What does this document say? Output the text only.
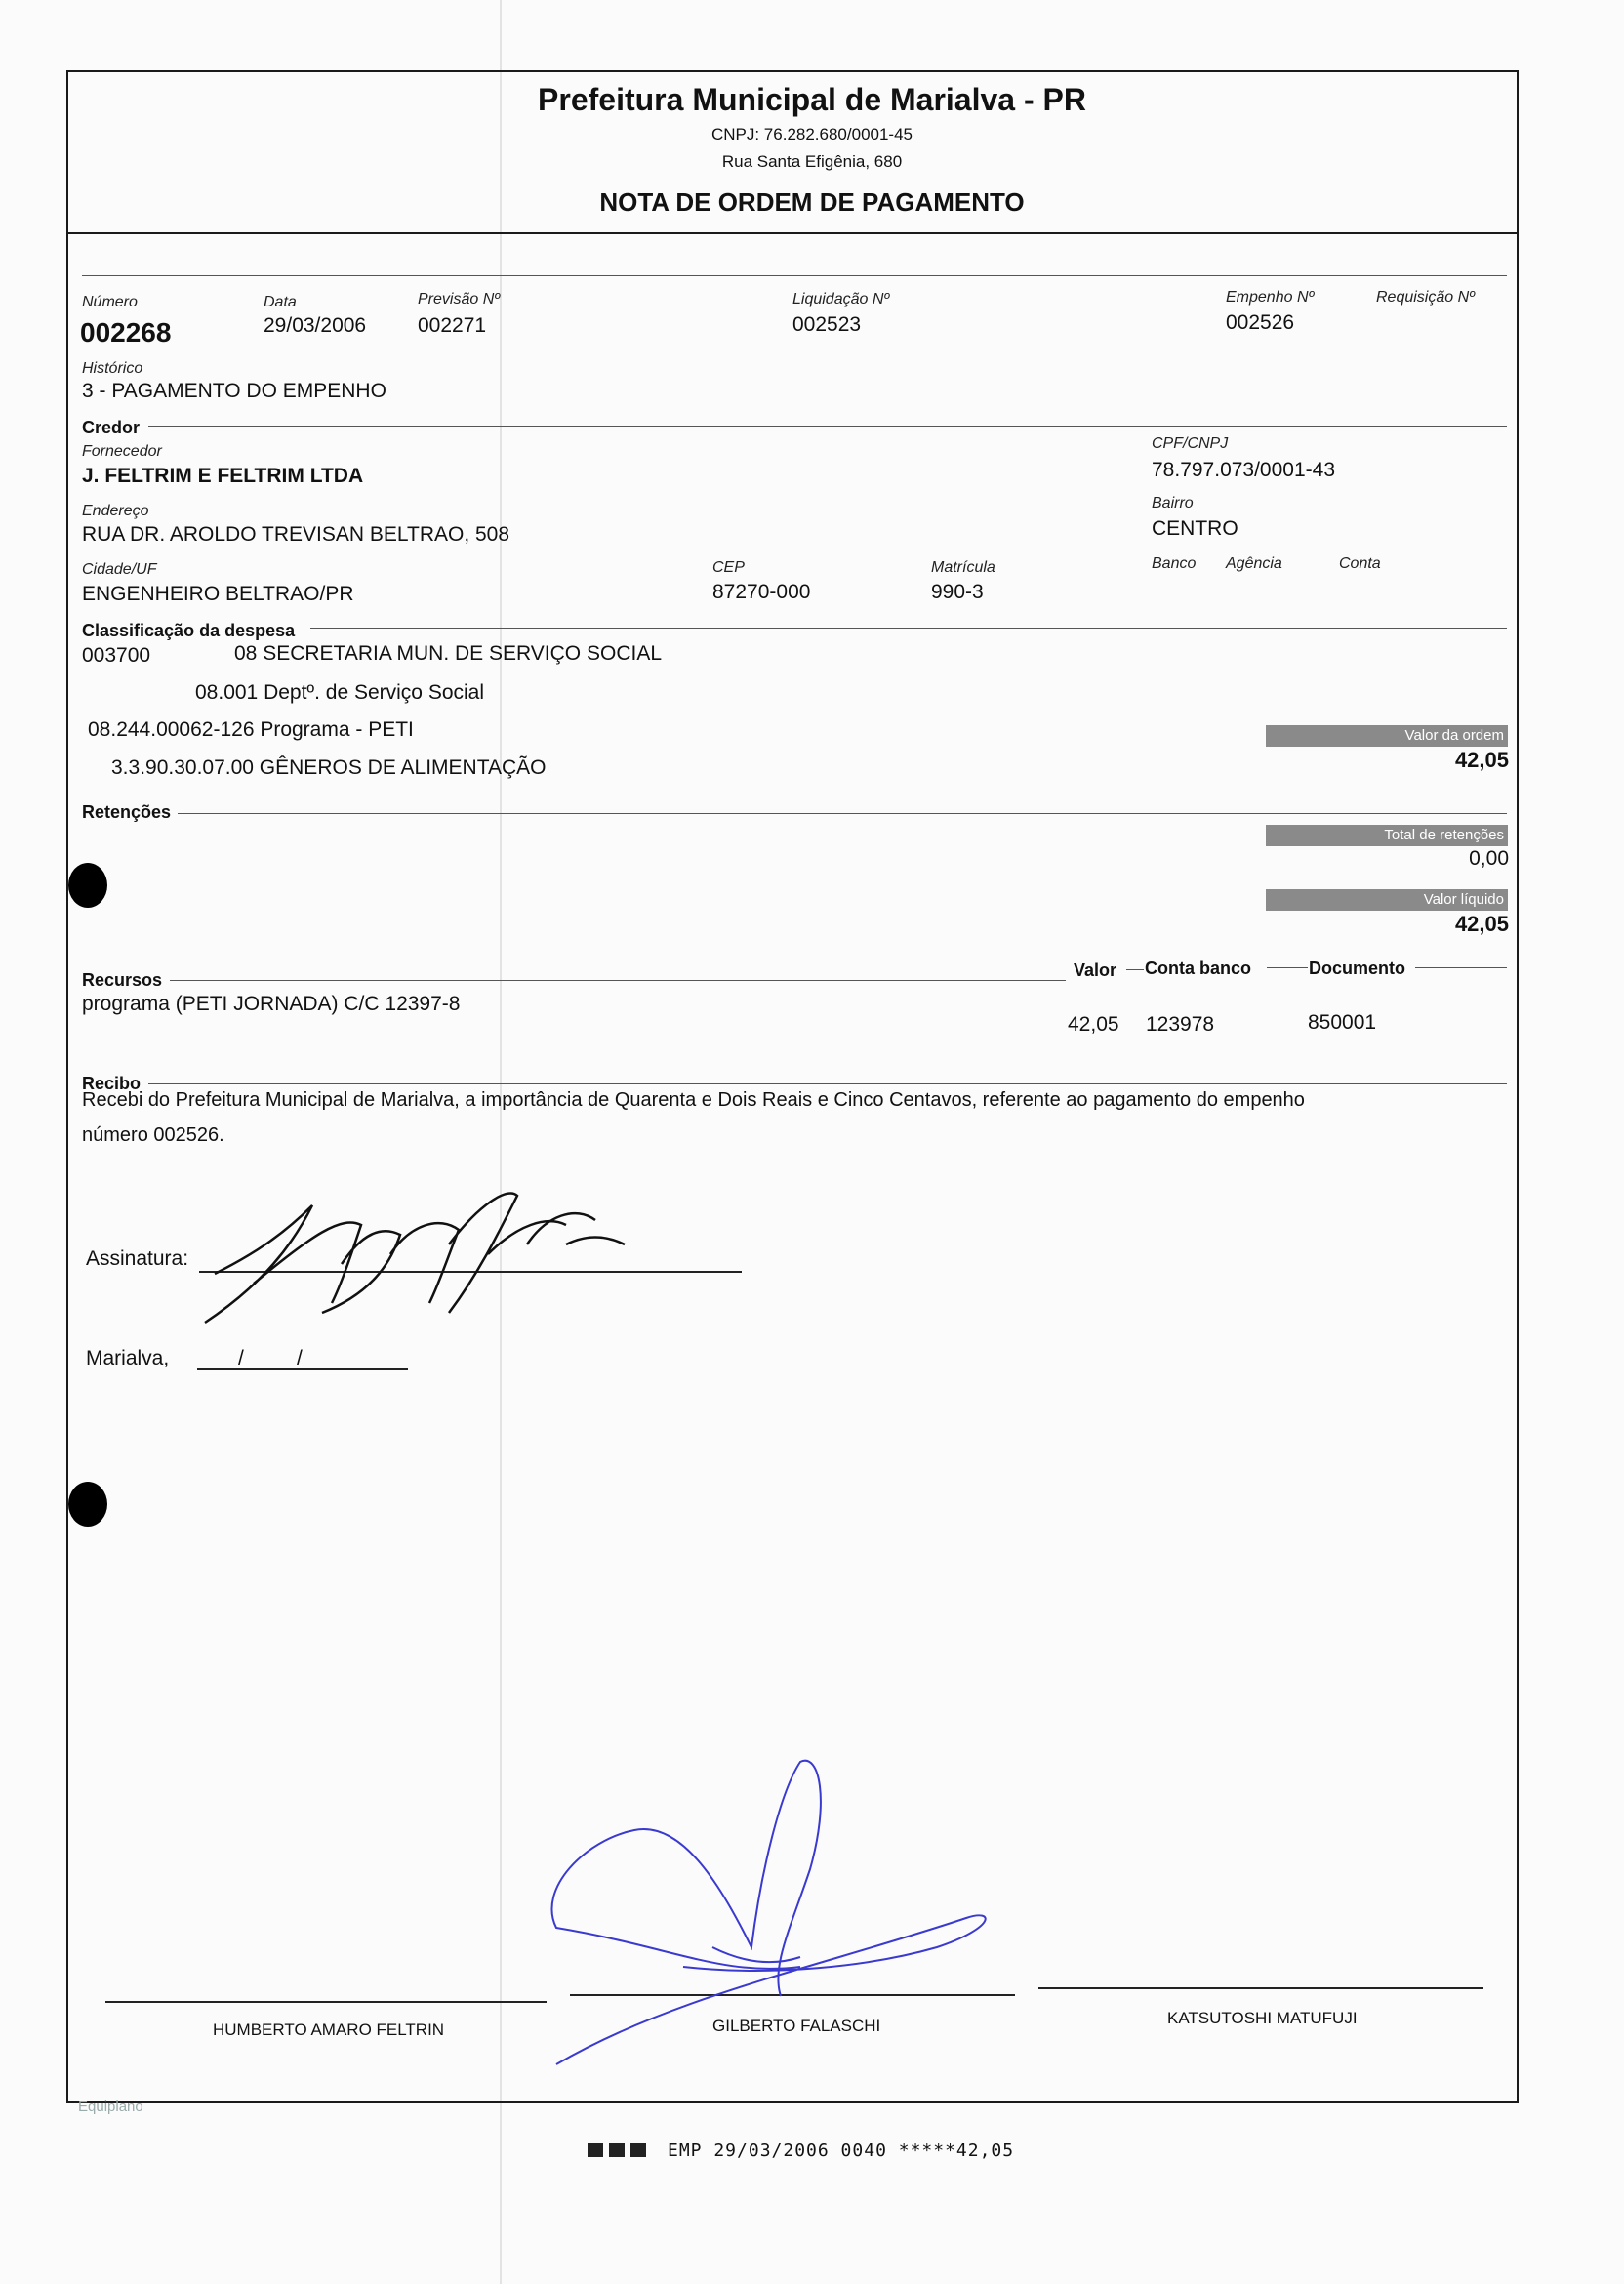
Prefeitura Municipal de Marialva - PR
CNPJ: 76.282.680/0001-45
Rua Santa Efigênia, 680
NOTA DE ORDEM DE PAGAMENTO
Número
002268
Data
29/03/2006
Previsão Nº
002271
Liquidação Nº
002523
Empenho Nº
002526
Requisição Nº
Histórico
3 - PAGAMENTO DO EMPENHO
Credor
Fornecedor
J. FELTRIM E FELTRIM LTDA
CPF/CNPJ
78.797.073/0001-43
Endereço
RUA DR. AROLDO TREVISAN BELTRAO, 508
Bairro
CENTRO
Cidade/UF
ENGENHEIRO BELTRAO/PR
CEP
87270-000
Matrícula
990-3
Banco Agência	Conta
Classificação da despesa
003700	08 SECRETARIA MUN. DE SERVIÇO SOCIAL
08.001 Deptº. de Serviço Social
08.244.00062-126 Programa - PETI
3.3.90.30.07.00 GÊNEROS DE ALIMENTAÇÃO
Valor da ordem
42,05
Retenções
Total de retenções
0,00
Valor líquido
42,05
Recursos	Valor Conta banco	Documento
programa (PETI JORNADA) C/C 12397-8
42,05 123978	850001
Recibo
Recebi do Prefeitura Municipal de Marialva, a importância de Quarenta e Dois Reais e Cinco Centavos, referente ao pagamento do empenho
número 002526.
Assinatura:
Marialva,	/	/
HUMBERTO AMARO FELTRIN	GILBERTO FALASCHI	KATSUTOSHI MATUFUJI
Equiplano
EMP 29/03/2006 0040 *****42,05
